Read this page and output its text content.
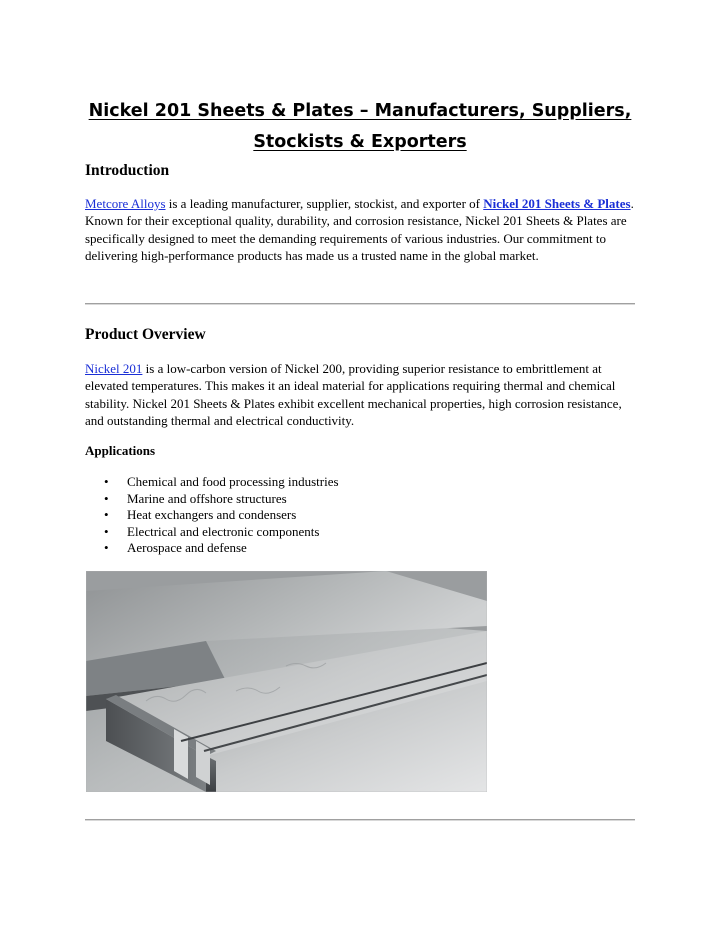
Nickel 201 Sheets & Plates – Manufacturers, Suppliers,
Stockists & Exporters
Introduction

Metcore Alloys is a leading manufacturer, supplier, stockist, and exporter of Nickel 201 Sheets & Plates. Known for their exceptional quality, durability, and corrosion resistance, Nickel 201 Sheets & Plates are specifically designed to meet the demanding requirements of various industries. Our commitment to delivering high-performance products has made us a trusted name in the global market.

Product Overview

Nickel 201 is a low-carbon version of Nickel 200, providing superior resistance to embrittlement at elevated temperatures. This makes it an ideal material for applications requiring thermal and chemical stability. Nickel 201 Sheets & Plates exhibit excellent mechanical properties, high corrosion resistance, and outstanding thermal and electrical conductivity.

Applications
• Chemical and food processing industries
• Marine and offshore structures
• Heat exchangers and condensers
• Electrical and electronic components
• Aerospace and defense
